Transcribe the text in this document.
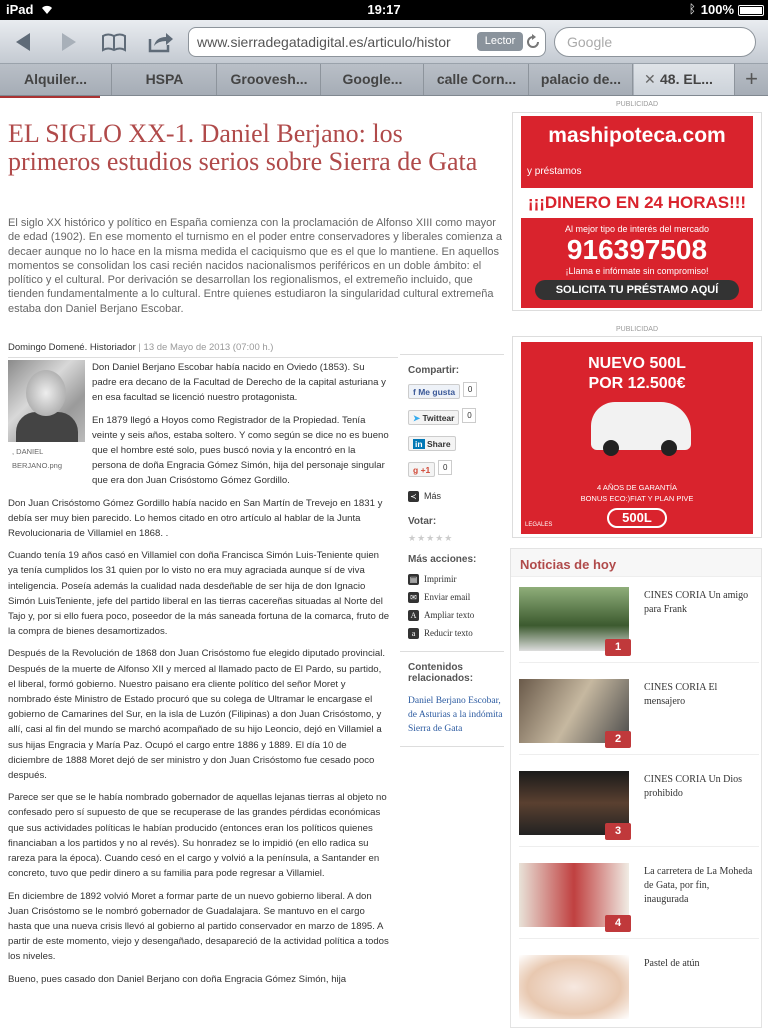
iPad	19:17	ᛒ 100%
www.sierradegatadigital.es/articulo/histor	Lector	Google
Alquiler...	HSPA	Groovesh...	Google...	calle Corn...	palacio de...	✕ 48. EL...	+
EL SIGLO XX-1. Daniel Berjano: los primeros estudios serios sobre Sierra de Gata

El siglo XX histórico y político en España comienza con la proclamación de Alfonso XIII como mayor de edad (1902). En ese momento el turnismo en el poder entre conservadores y liberales comienza a decaer aunque no lo hace en la misma medida el caciquismo que es el que lo mantiene. En aquellos momentos se consolidan los casi recién nacidos nacionalismos periféricos en un doble ámbito: el político y el cultural. Por derivación se desarrollan los regionalismos, el extremeño incluido, que tienden fundamentalmente a lo cultural. Entre quienes estudiaron la singularidad cultural extremeña estaba don Daniel Berjano Escobar.

Domingo Domené. Historiador | 13 de Mayo de 2013 (07:00 h.)

Don Daniel Berjano Escobar había nacido en Oviedo (1853). Su padre era decano de la Facultad de Derecho de la capital asturiana y en esa facultad se licenció nuestro protagonista.

En 1879 llegó a Hoyos como Registrador de la Propiedad. Tenía veinte y seis años, estaba soltero. Y como según se dice no es bueno que el hombre esté solo, pues buscó novia y la encontró en la persona de doña Engracia Gómez Simón, hija del personaje singular que era don Juan Crisóstomo Gómez Gordillo.

Don Juan Crisóstomo Gómez Gordillo había nacido en San Martín de Trevejo en 1831 y debía ser muy bien parecido. Lo hemos citado en otro artículo al hablar de la Junta Revolucionaria de Villamiel en 1868. .

Cuando tenía 19 años casó en Villamiel con doña Francisca Simón Luis-Teniente quien ya tenía cumplidos los 31 quien por lo visto no era muy agraciada aunque sí de viva inteligencia. Poseía además la cualidad nada desdeñable de ser hija de don Ignacio Simón LuisTeniente, jefe del partido liberal en las tierras cacereñas situadas al Norte del Tajo y, por si ello fuera poco, poseedor de la más saneada fortuna de la comarca, fruto de la compra de bienes desamortizados.

Después de la Revolución de 1868 don Juan Crisóstomo fue elegido diputado provincial. Después de la muerte de Alfonso XII y merced al llamado pacto de El Pardo, su partido, el liberal, formó gobierno. Nuestro paisano era cliente político del señor Moret y nombrado éste Ministro de Estado procuró que su colega de Ultramar le encargase el gobierno de Camarines del Sur, en la isla de Luzón (Filipinas) a don Juan Crisóstomo, y allí, casi al fin del mundo se marchó acompañado de su hijo Leoncio, dejó en Villamiel a sus hijas Engracia y María Paz. Ocupó el cargo entre 1886 y 1889. El día 10 de diciembre de 1888 Moret dejó de ser ministro y don Juan Crisóstomo fue cesado poco después.

Parece ser que se le había nombrado gobernador de aquellas lejanas tierras al objeto no confesado pero sí supuesto de que se recuperase de las grandes pérdidas económicas que sus actividades políticas le habían producido (entonces eran los políticos quienes financiaban a los partidos y no al revés). Su honradez se lo impidió (en ello radica su rareza para la época). Cuando cesó en el cargo y volvió a la península, a Santander en concreto, tuvo que pedir dinero a su familia para pode regresar a Villamiel.

En diciembre de 1892 volvió Moret a formar parte de un nuevo gobierno liberal. A don Juan Crisóstomo se le nombró gobernador de Guadalajara. Se mantuvo en el cargo hasta que una nueva crisis llevó al gobierno al partido conservador en marzo de 1895. A partir de este momento, viejo y desengañado, desapareció de la actividad política a todos los niveles.

Bueno, pues casado don Daniel Berjano con doña Engracia Gómez Simón, hija

, DANIEL
BERJANO.png
Compartir:
f Me gusta 0
➤ Twittear 0
in Share
g +1 0
≺ Más
Votar:
★★★★★
Más acciones:
▤ Imprimir
✉ Enviar email
A Ampliar texto
a Reducir texto
Contenidos relacionados:
Daniel Berjano Escobar, de Asturias a la indómita Sierra de Gata
PUBLICIDAD
mashipoteca.com
y préstamos
¡¡¡DINERO EN 24 HORAS!!!
Al mejor tipo de interés del mercado
916397508
¡Llama e infórmate sin compromiso!
SOLICITA TU PRÉSTAMO AQUÍ
PUBLICIDAD
NUEVO 500L
POR 12.500€
4 AÑOS DE GARANTÍA
BONUS ECO:)FIAT Y PLAN PIVE
500L
LEGALES
Noticias de hoy
1
CINES CORIA Un amigo para Frank
2
CINES CORIA El mensajero
3
CINES CORIA Un Dios prohibido
4
La carretera de La Moheda de Gata, por fin, inaugurada
Pastel de atún
